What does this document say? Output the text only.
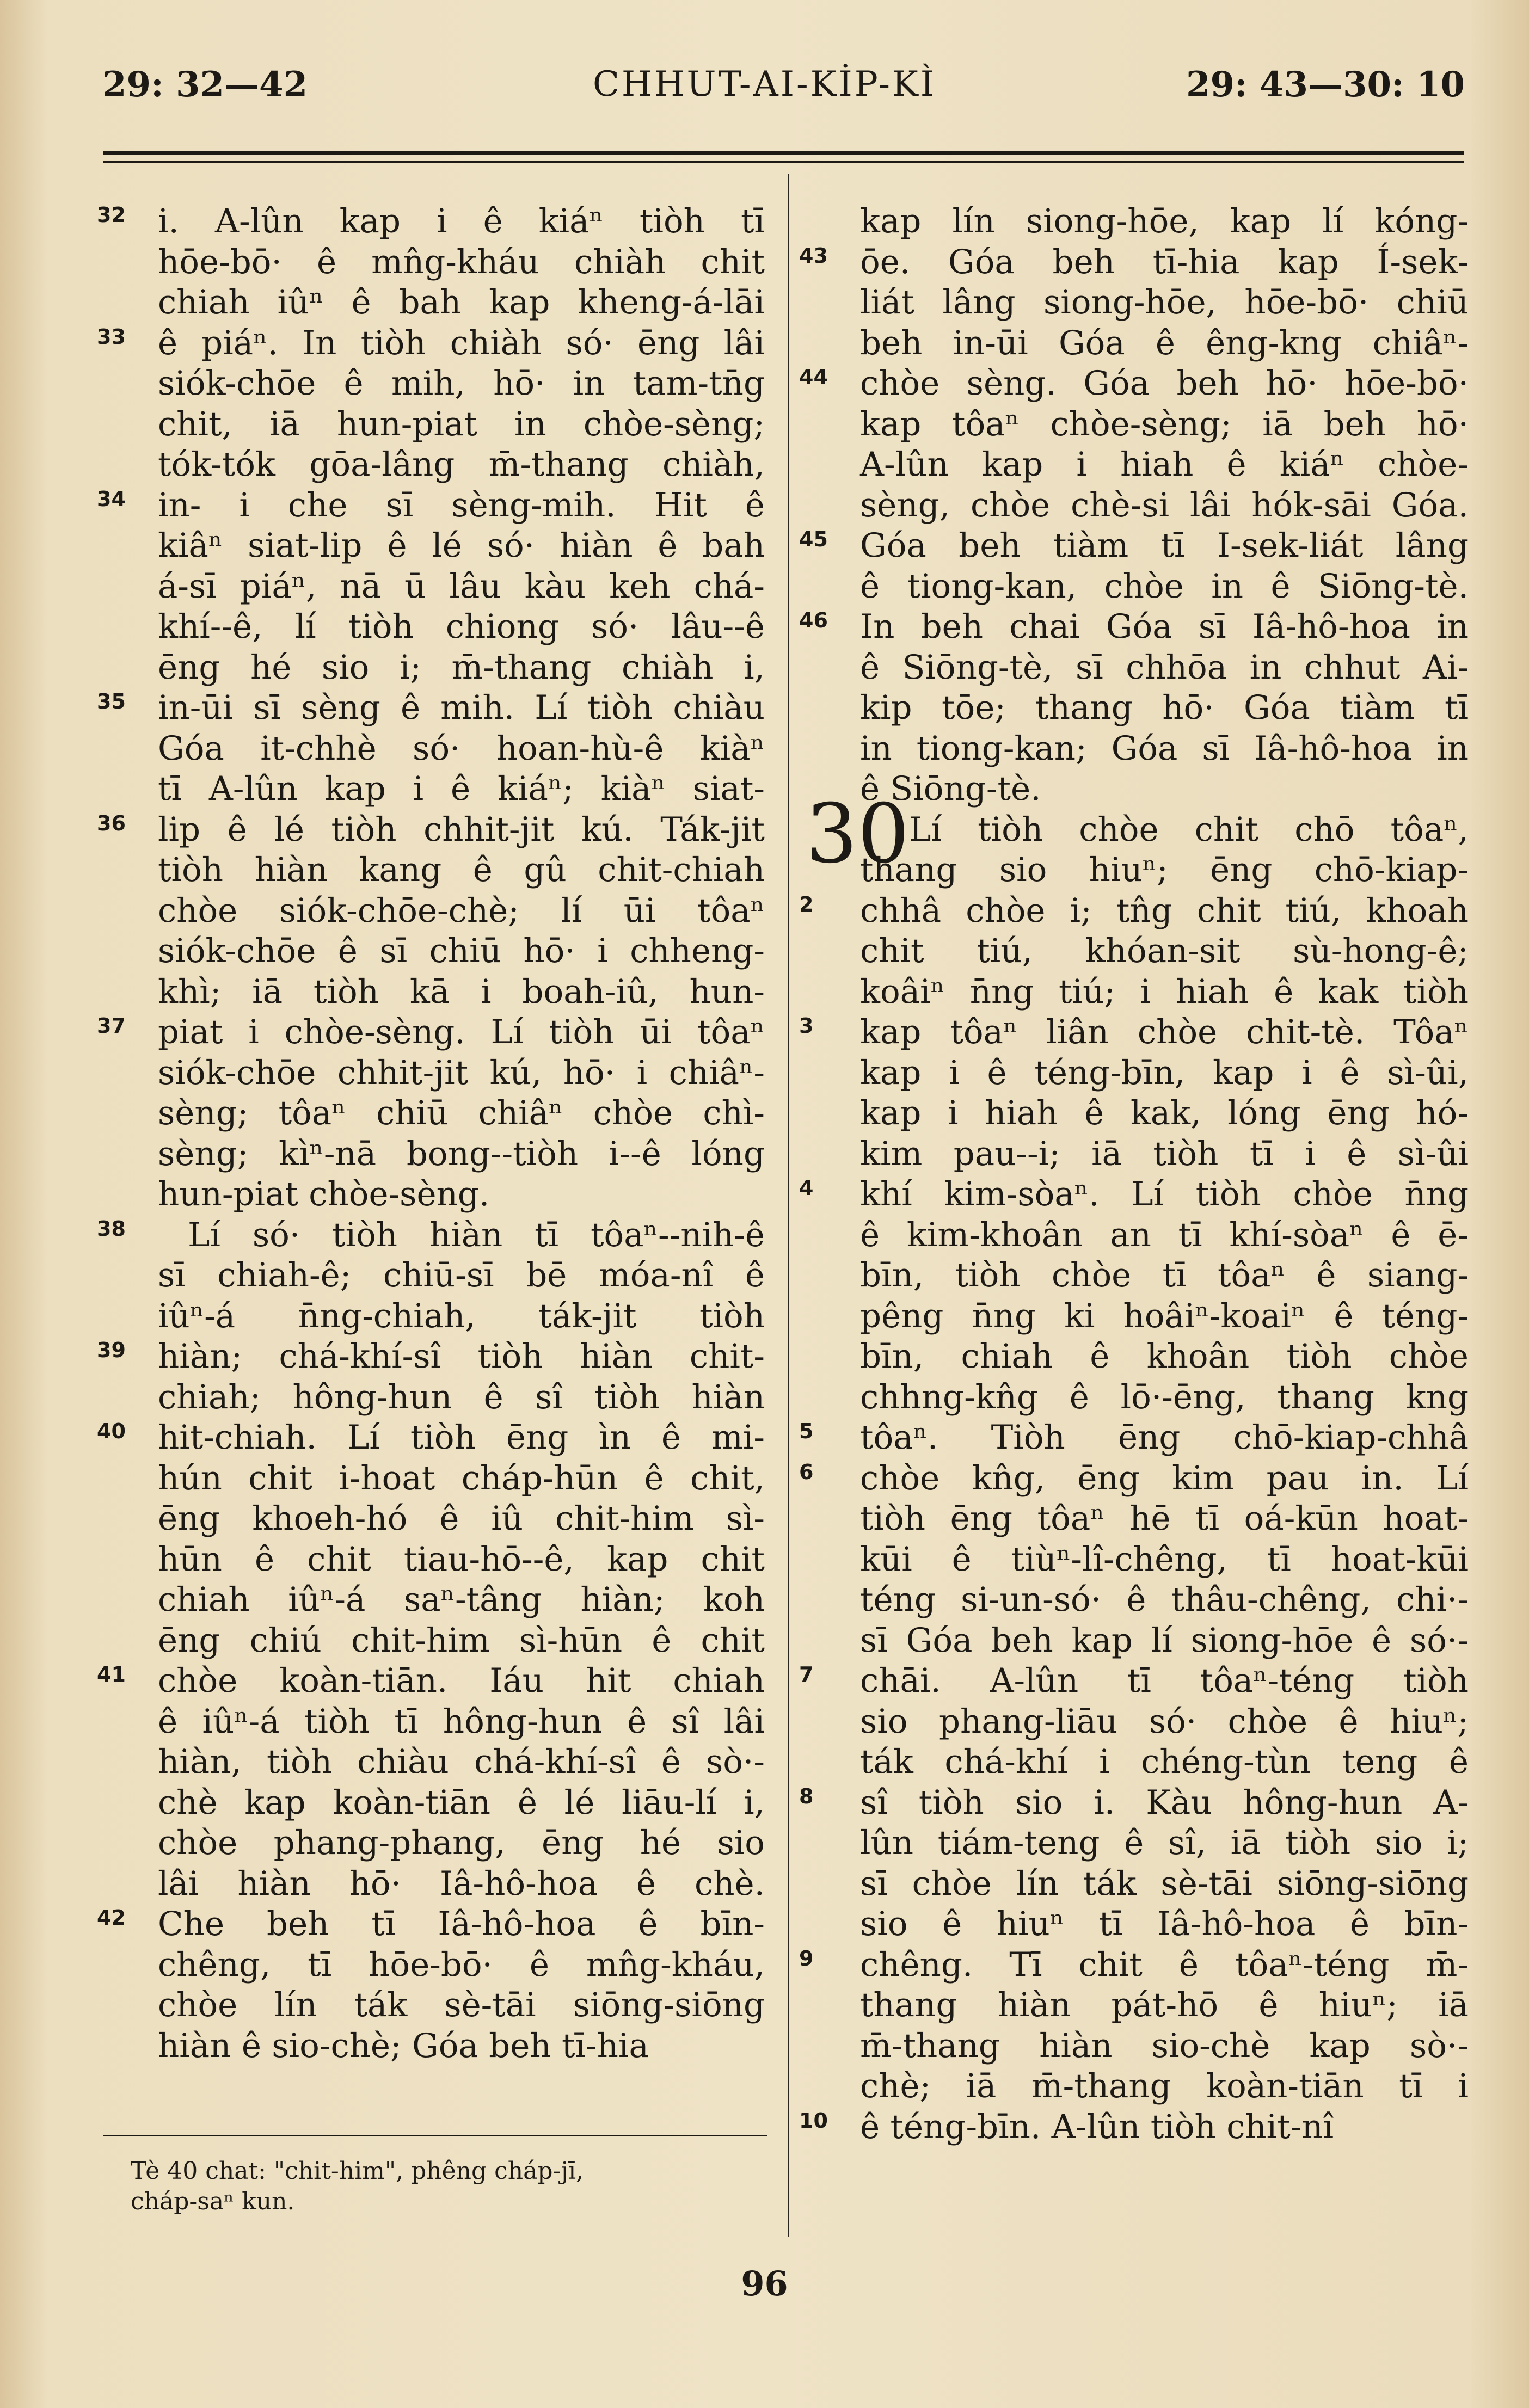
29: 32—42	CHHUT-AI-KİP-KÌ	29: 43—30: 10
32 i. A-lûn kap i ê kiáⁿ tiòh tī
hōe-bō· ê mn̂g-kháu chiàh chit
chiah iûⁿ ê bah kap kheng-á-lāi
33 ê piáⁿ. In tiòh chiàh só· ēng lâi
siók-chōe ê mih, hō· in tam-tn̄g
chit, iā hun-piat in chòe-sèng;
tók-tók gōa-lâng m̄-thang chiàh,
34 in- i che sī sèng-mih. Hit ê
kiâⁿ siat-lip ê lé só· hiàn ê bah
á-sī piáⁿ, nā ū lâu kàu keh chá-
khí--ê, lí tiòh chiong só· lâu--ê
ēng hé sio i; m̄-thang chiàh i,
35 in-ūi sī sèng ê mih. Lí tiòh chiàu
Góa it-chhè só· hoan-hù-ê kiàⁿ
tī A-lûn kap i ê kiáⁿ; kiàⁿ siat-
36 lip ê lé tiòh chhit-jit kú. Ták-jit
tiòh hiàn kang ê gû chit-chiah
chòe siók-chōe-chè; lí ūi tôaⁿ
siók-chōe ê sī chiū hō· i chheng-
khì; iā tiòh kā i boah-iû, hun-
37 piat i chòe-sèng. Lí tiòh ūi tôaⁿ
siók-chōe chhit-jit kú, hō· i chiâⁿ-
sèng; tôaⁿ chiū chiâⁿ chòe chì-
sèng; kìⁿ-nā bong--tiòh i--ê lóng
hun-piat chòe-sèng.
38 Lí só· tiòh hiàn tī tôaⁿ--nih-ê
sī chiah-ê; chiū-sī bē móa-nî ê
iûⁿ-á n̄ng-chiah, ták-jit tiòh
39 hiàn; chá-khí-sî tiòh hiàn chit-
chiah; hông-hun ê sî tiòh hiàn
40 hit-chiah. Lí tiòh ēng ìn ê mi-
hún chit i-hoat cháp-hūn ê chit,
ēng khoeh-hó ê iû chit-him sì-
hūn ê chit tiau-hō--ê, kap chit
chiah iûⁿ-á saⁿ-tâng hiàn; koh
ēng chiú chit-him sì-hūn ê chit
41 chòe koàn-tiān. Iáu hit chiah
ê iûⁿ-á tiòh tī hông-hun ê sî lâi
hiàn, tiòh chiàu chá-khí-sî ê sò·-
chè kap koàn-tiān ê lé liāu-lí i,
chòe phang-phang, ēng hé sio
lâi hiàn hō· Iâ-hô-hoa ê chè.
42 Che beh tī Iâ-hô-hoa ê bīn-
chêng, tī hōe-bō· ê mn̂g-kháu,
chòe lín ták sè-tāi siōng-siōng
hiàn ê sio-chè; Góa beh tī-hia
kap lín siong-hōe, kap lí kóng-
43 ōe. Góa beh tī-hia kap Í-sek-
liát lâng siong-hōe, hōe-bō· chiū
beh in-ūi Góa ê êng-kng chiâⁿ-
44 chòe sèng. Góa beh hō· hōe-bō·
kap tôaⁿ chòe-sèng; iā beh hō·
A-lûn kap i hiah ê kiáⁿ chòe-
sèng, chòe chè-si lâi hók-sāi Góa.
45 Góa beh tiàm tī I-sek-liát lâng
ê tiong-kan, chòe in ê Siōng-tè.
46 In beh chai Góa sī Iâ-hô-hoa in
ê Siōng-tè, sī chhōa in chhut Ai-
kip tōe; thang hō· Góa tiàm tī
in tiong-kan; Góa sī Iâ-hô-hoa in
ê Siōng-tè.
30 Lí tiòh chòe chit chō tôaⁿ,
thang sio hiuⁿ; ēng chō-kiap-
2 chhâ chòe i; tn̂g chit tiú, khoah
chit tiú, khóan-sit sù-hong-ê;
koâiⁿ n̄ng tiú; i hiah ê kak tiòh
3 kap tôaⁿ liân chòe chit-tè. Tôaⁿ
kap i ê téng-bīn, kap i ê sì-ûi,
kap i hiah ê kak, lóng ēng hó-
kim pau--i; iā tiòh tī i ê sì-ûi
4 khí kim-sòaⁿ. Lí tiòh chòe n̄ng
ê kim-khoân an tī khí-sòaⁿ ê ē-
bīn, tiòh chòe tī tôaⁿ ê siang-
pêng n̄ng ki hoâiⁿ-koaiⁿ ê téng-
bīn, chiah ê khoân tiòh chòe
chhng-kn̂g ê lō·-ēng, thang kng
5 tôaⁿ. Tiòh ēng chō-kiap-chhâ
6 chòe kn̂g, ēng kim pau in. Lí
tiòh ēng tôaⁿ hē tī oá-kūn hoat-
kūi ê tiùⁿ-lî-chêng, tī hoat-kūi
téng si-un-só· ê thâu-chêng, chi·-
sī Góa beh kap lí siong-hōe ê só·-
7 chāi. A-lûn tī tôaⁿ-téng tiòh
sio phang-liāu só· chòe ê hiuⁿ;
ták chá-khí i chéng-tùn teng ê
8 sî tiòh sio i. Kàu hông-hun A-
lûn tiám-teng ê sî, iā tiòh sio i;
sī chòe lín ták sè-tāi siōng-siōng
sio ê hiuⁿ tī Iâ-hô-hoa ê bīn-
9 chêng. Tī chit ê tôaⁿ-téng m̄-
thang hiàn pát-hō ê hiuⁿ; iā
m̄-thang hiàn sio-chè kap sò·-
chè; iā m̄-thang koàn-tiān tī i
10 ê téng-bīn. A-lûn tiòh chit-nî
Tè 40 chat: "chit-him", phêng cháp-jī,
cháp-saⁿ kun.
96
